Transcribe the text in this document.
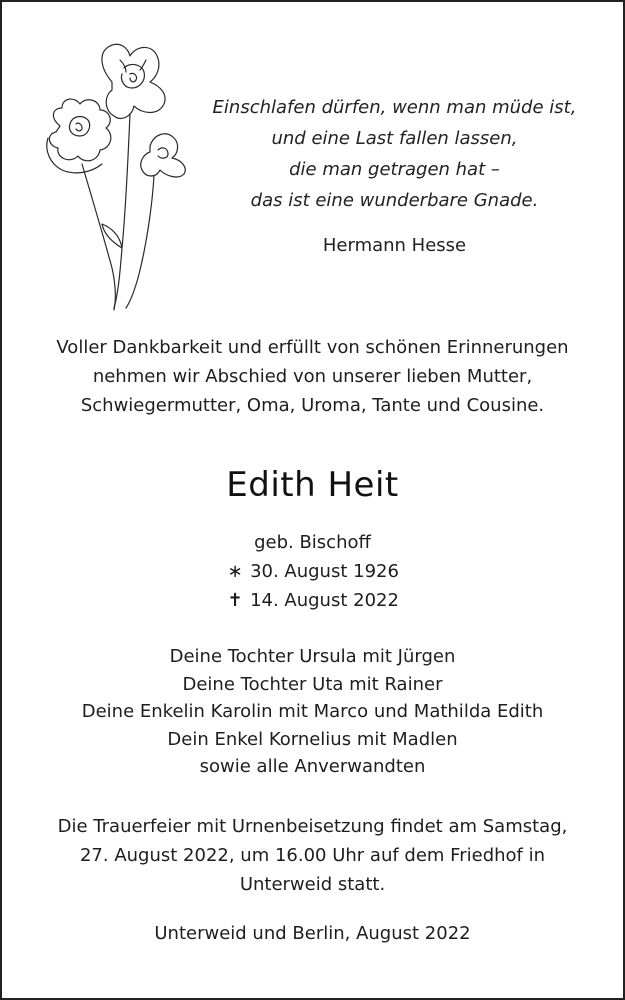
Einschlafen dürfen, wenn man müde ist,
und eine Last fallen lassen,
die man getragen hat –
das ist eine wunderbare Gnade.
Hermann Hesse
Voller Dankbarkeit und erfüllt von schönen Erinnerungen
nehmen wir Abschied von unserer lieben Mutter,
Schwiegermutter, Oma, Uroma, Tante und Cousine.
Edith Heit
geb. Bischoff
∗ 30. August 1926
✝ 14. August 2022
Deine Tochter Ursula mit Jürgen
Deine Tochter Uta mit Rainer
Deine Enkelin Karolin mit Marco und Mathilda Edith
Dein Enkel Kornelius mit Madlen
sowie alle Anverwandten
Die Trauerfeier mit Urnenbeisetzung findet am Samstag,
27. August 2022, um 16.00 Uhr auf dem Friedhof in
Unterweid statt.
Unterweid und Berlin, August 2022
